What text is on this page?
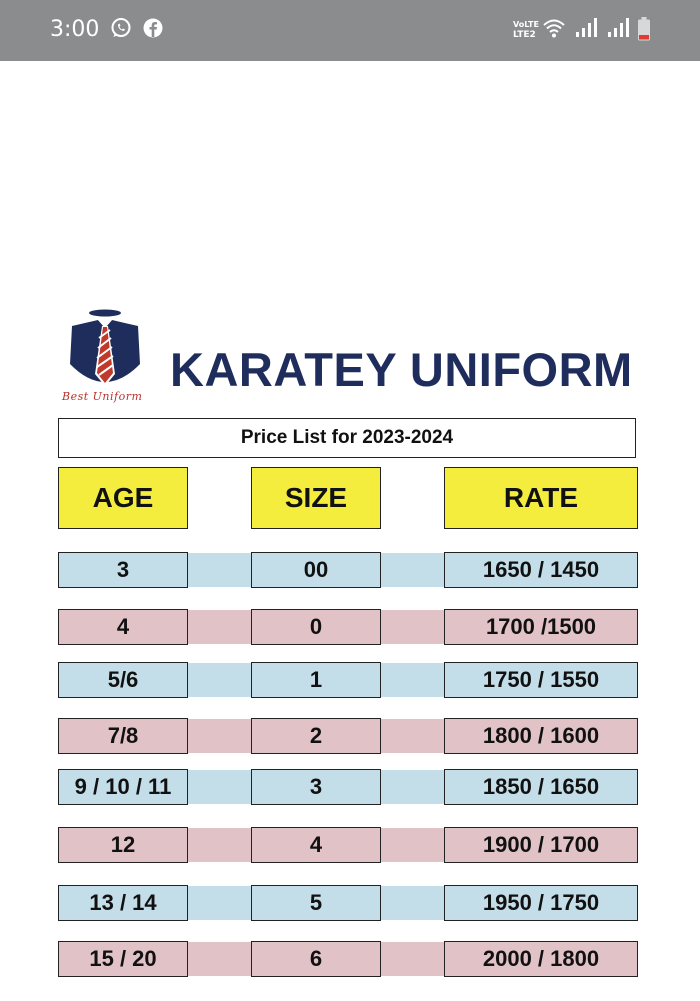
3:00	VoLTE
LTE2
Best Uniform
KARATEY UNIFORM
Price List for 2023-2024
AGE	SIZE	RATE
3	00	1650 / 1450
4	0	1700 /1500
5/6	1	1750 / 1550
7/8	2	1800 / 1600
9 / 10 / 11	3	1850 / 1650
12	4	1900 / 1700
13 / 14	5	1950 / 1750
15 / 20	6	2000 / 1800
